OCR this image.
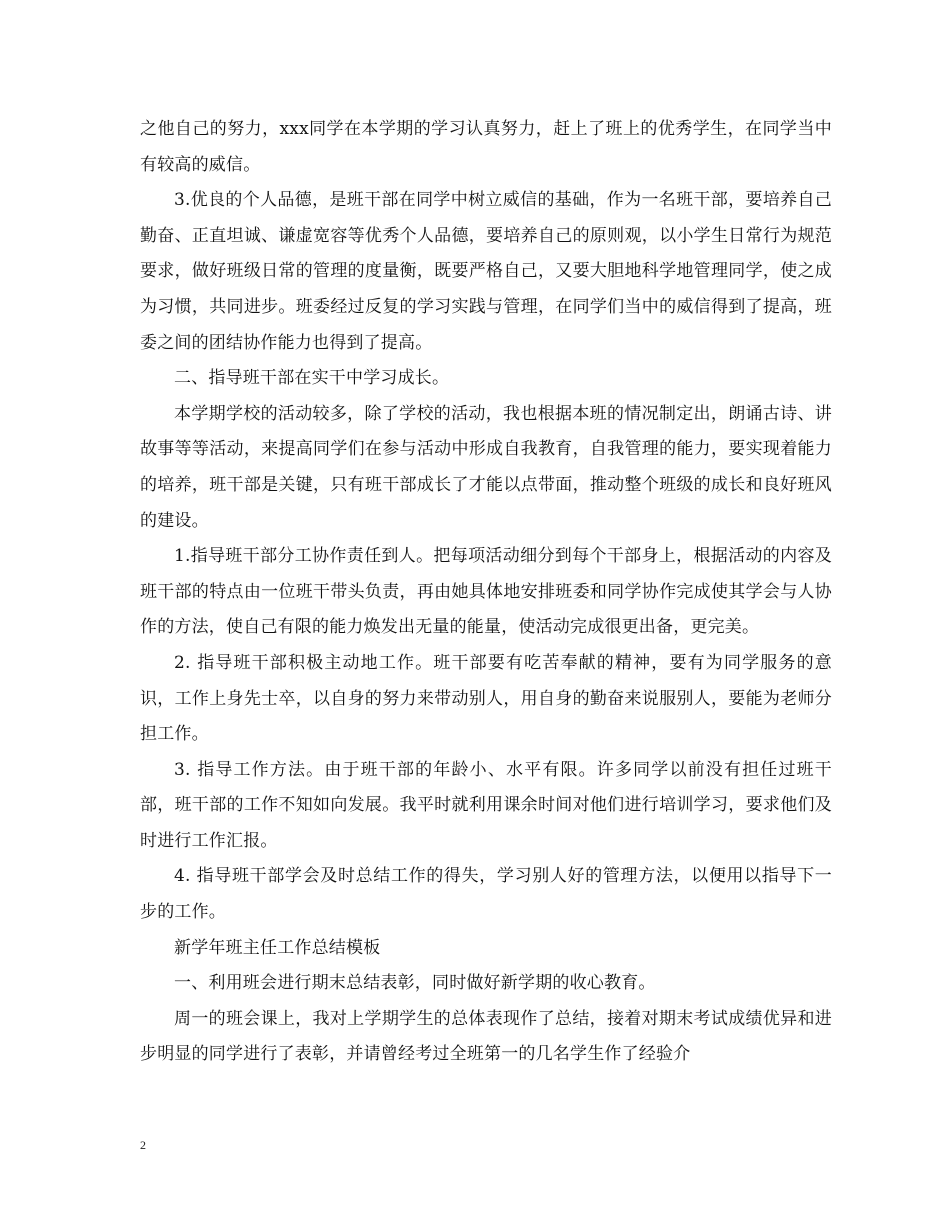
之他自己的努力，xxx同学在本学期的学习认真努力，赶上了班上的优秀学生，在同学当中有较高的威信。

3.优良的个人品德，是班干部在同学中树立威信的基础，作为一名班干部，要培养自己勤奋、正直坦诚、谦虚宽容等优秀个人品德，要培养自己的原则观，以小学生日常行为规范要求，做好班级日常的管理的度量衡，既要严格自己，又要大胆地科学地管理同学，使之成为习惯，共同进步。班委经过反复的学习实践与管理，在同学们当中的威信得到了提高，班委之间的团结协作能力也得到了提高。

二、指导班干部在实干中学习成长。

本学期学校的活动较多，除了学校的活动，我也根据本班的情况制定出，朗诵古诗、讲故事等等活动，来提高同学们在参与活动中形成自我教育，自我管理的能力，要实现着能力的培养，班干部是关键，只有班干部成长了才能以点带面，推动整个班级的成长和良好班风的建设。

1.指导班干部分工协作责任到人。把每项活动细分到每个干部身上，根据活动的内容及班干部的特点由一位班干带头负责，再由她具体地安排班委和同学协作完成使其学会与人协作的方法，使自己有限的能力焕发出无量的能量，使活动完成很更出备，更完美。

2. 指导班干部积极主动地工作。班干部要有吃苦奉献的精神，要有为同学服务的意识，工作上身先士卒，以自身的努力来带动别人，用自身的勤奋来说服别人，要能为老师分担工作。

3. 指导工作方法。由于班干部的年龄小、水平有限。许多同学以前没有担任过班干部，班干部的工作不知如向发展。我平时就利用课余时间对他们进行培训学习，要求他们及时进行工作汇报。

4. 指导班干部学会及时总结工作的得失，学习别人好的管理方法，以便用以指导下一步的工作。

新学年班主任工作总结模板

一、利用班会进行期末总结表彰，同时做好新学期的收心教育。

周一的班会课上，我对上学期学生的总体表现作了总结，接着对期末考试成绩优异和进步明显的同学进行了表彰，并请曾经考过全班第一的几名学生作了经验介

2
